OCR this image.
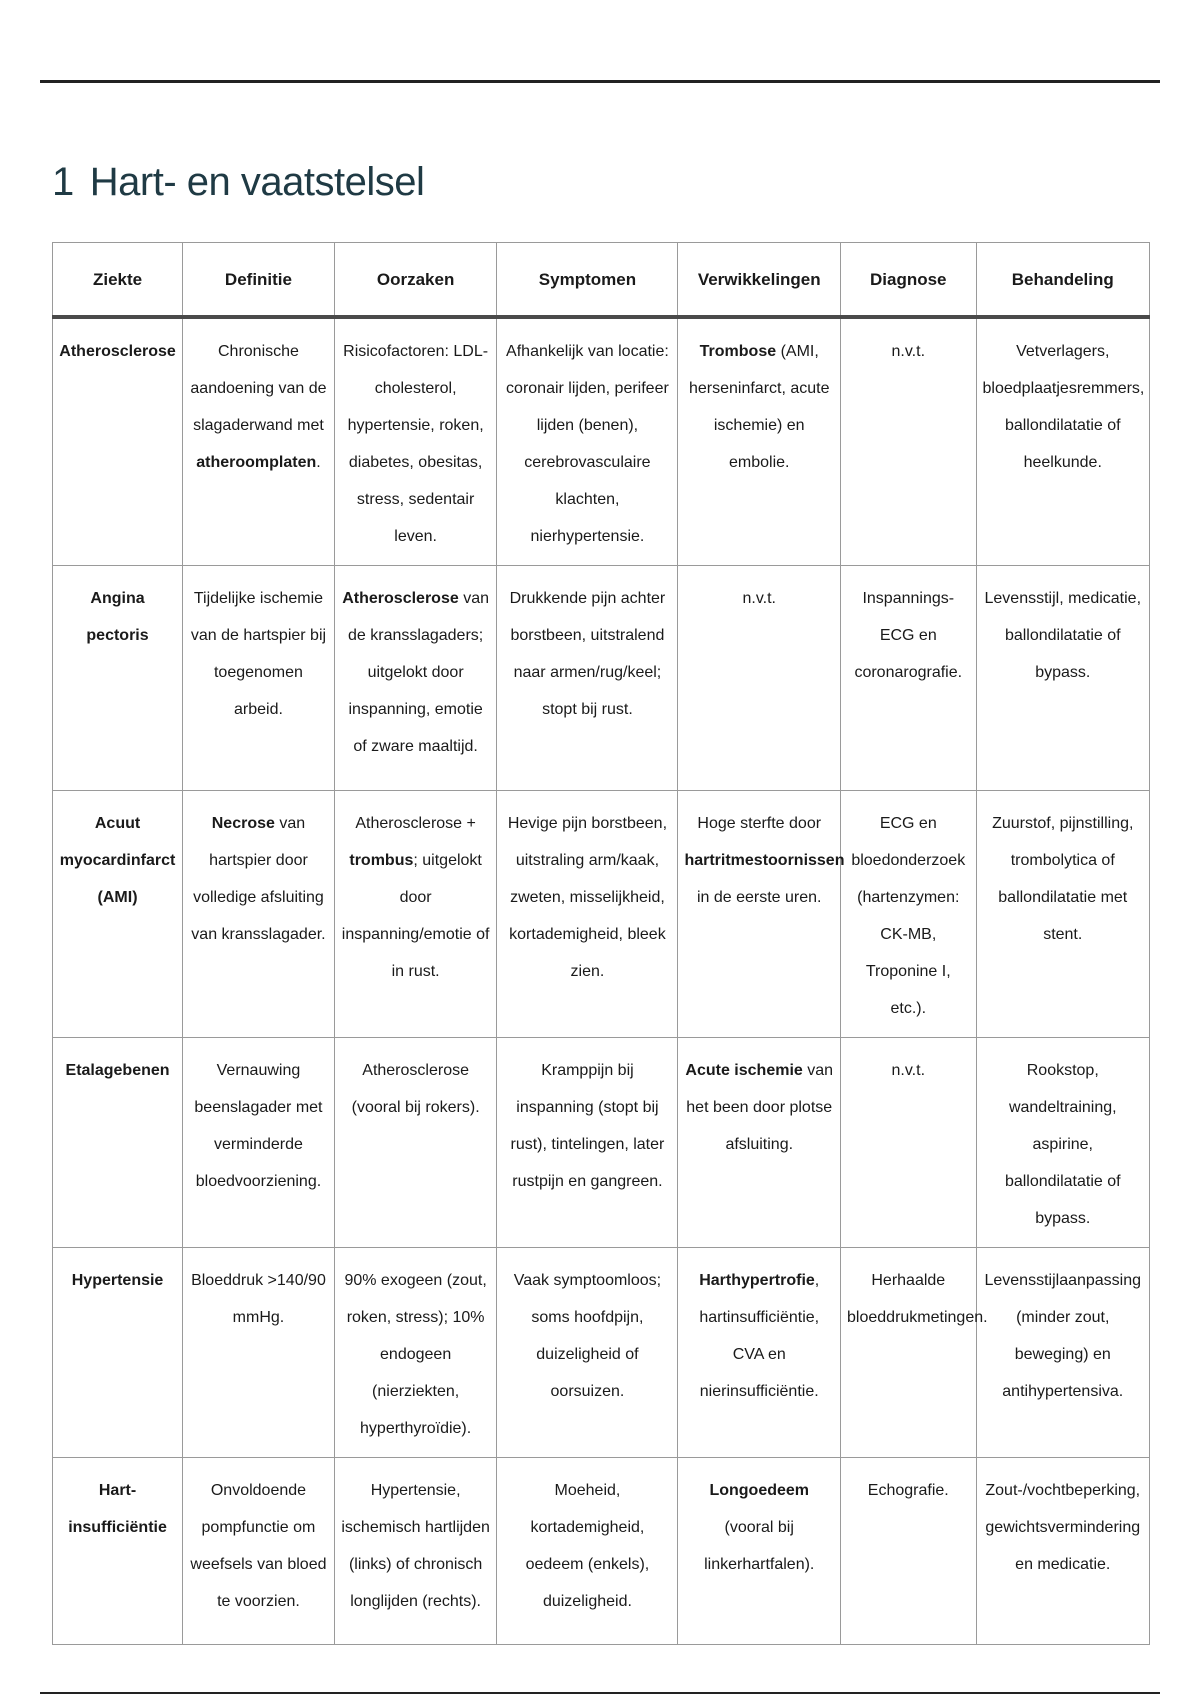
1 Hart- en vaatstelsel
Ziekte	Definitie	Oorzaken	Symptomen	Verwikkelingen	Diagnose	Behandeling
Atherosclerose	Chronische aandoening van de slagaderwand met atheroomplaten.	Risicofactoren: LDL-cholesterol, hypertensie, roken, diabetes, obesitas, stress, sedentair leven.	Afhankelijk van locatie: coronair lijden, perifeer lijden (benen), cerebrovasculaire klachten, nierhypertensie.	Trombose (AMI, herseninfarct, acute ischemie) en embolie.	n.v.t.	Vetverlagers, bloedplaatjesremmers, ballondilatatie of heelkunde.
Angina pectoris	Tijdelijke ischemie van de hartspier bij toegenomen arbeid.	Atherosclerose van de kransslagaders; uitgelokt door inspanning, emotie of zware maaltijd.	Drukkende pijn achter borstbeen, uitstralend naar armen/rug/keel; stopt bij rust.	n.v.t.	Inspannings-ECG en coronarografie.	Levensstijl, medicatie, ballondilatatie of bypass.
Acuut myocardinfarct (AMI)	Necrose van hartspier door volledige afsluiting van kransslagader.	Atherosclerose + trombus; uitgelokt door inspanning/emotie of in rust.	Hevige pijn borstbeen, uitstraling arm/kaak, zweten, misselijkheid, kortademigheid, bleek zien.	Hoge sterfte door hartritmestoornissen in de eerste uren.	ECG en bloedonderzoek (hartenzymen: CK-MB, Troponine I, etc.).	Zuurstof, pijnstilling, trombolytica of ballondilatatie met stent.
Etalagebenen	Vernauwing beenslagader met verminderde bloedvoorziening.	Atherosclerose (vooral bij rokers).	Kramppijn bij inspanning (stopt bij rust), tintelingen, later rustpijn en gangreen.	Acute ischemie van het been door plotse afsluiting.	n.v.t.	Rookstop, wandeltraining, aspirine, ballondilatatie of bypass.
Hypertensie	Bloeddruk >140/90 mmHg.	90% exogeen (zout, roken, stress); 10% endogeen (nierziekten, hyperthyroïdie).	Vaak symptoomloos; soms hoofdpijn, duizeligheid of oorsuizen.	Harthypertrofie, hartinsufficiëntie, CVA en nierinsufficiëntie.	Herhaalde bloeddrukmetingen.	Levensstijlaanpassing (minder zout, beweging) en antihypertensiva.
Hart-insufficiëntie	Onvoldoende pompfunctie om weefsels van bloed te voorzien.	Hypertensie, ischemisch hartlijden (links) of chronisch longlijden (rechts).	Moeheid, kortademigheid, oedeem (enkels), duizeligheid.	Longoedeem (vooral bij linkerhartfalen).	Echografie.	Zout-/vochtbeperking, gewichtsvermindering en medicatie.
